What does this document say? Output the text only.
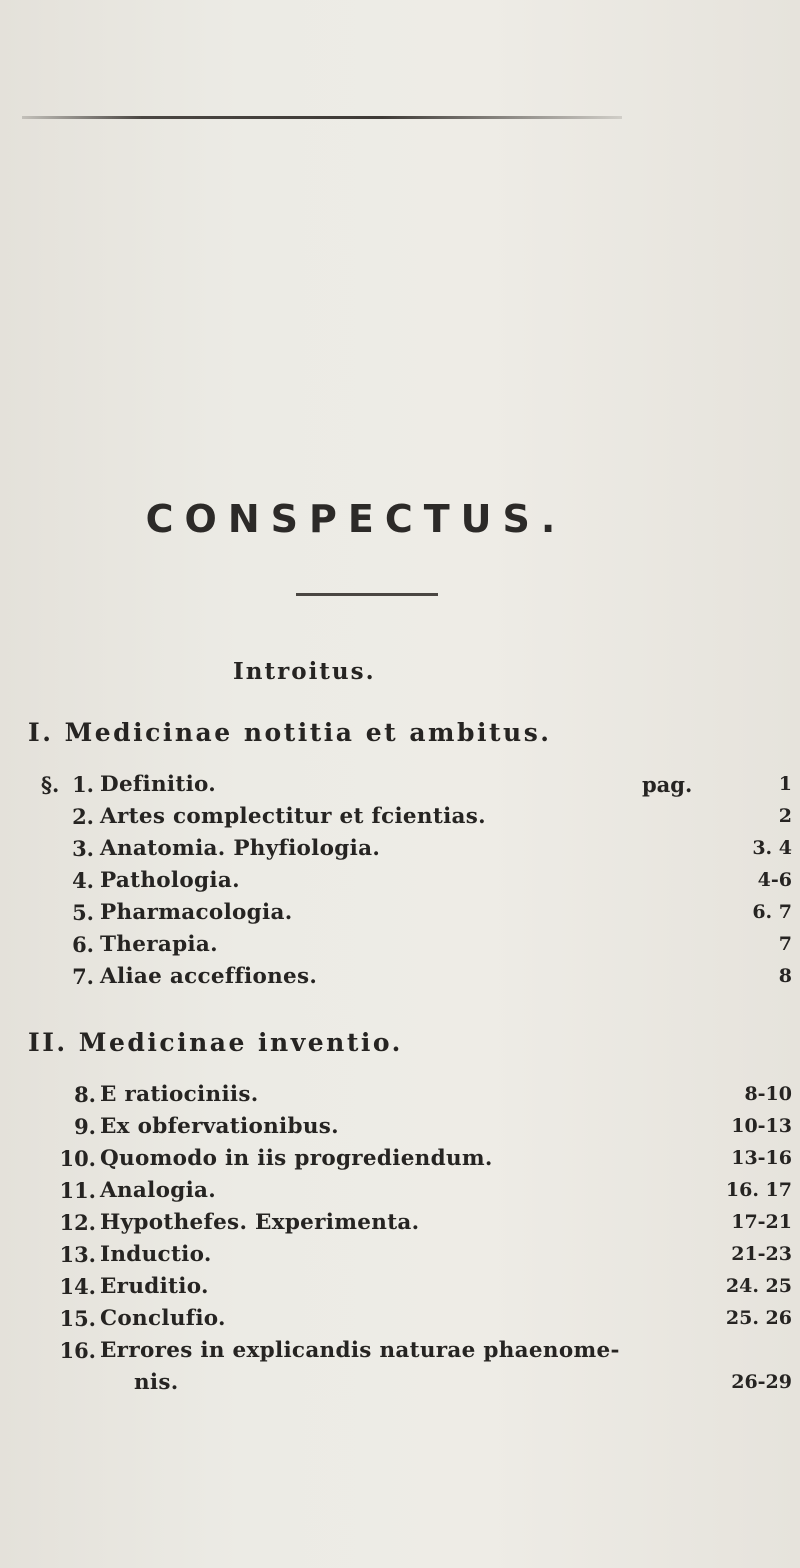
CONSPECTUS.
Introitus.
I. Medicinae notitia et ambitus.
§.	pag.
1. Definitio.	1
2. Artes complectitur et fcientias.	2
3. Anatomia. Phyfiologia.	3. 4
4. Pathologia.	4-6
5. Pharmacologia.	6. 7
6. Therapia.	7
7. Aliae acceffiones.	8
II. Medicinae inventio.
8. E ratiociniis.	8-10
9. Ex obfervationibus.	10-13
10. Quomodo in iis progrediendum.	13-16
11. Analogia.	16. 17
12. Hypothefes. Experimenta.	17-21
13. Inductio.	21-23
14. Eruditio.	24. 25
15. Conclufio.	25. 26
16. Errores in explicandis naturae phaenome-
nis.	26-29
